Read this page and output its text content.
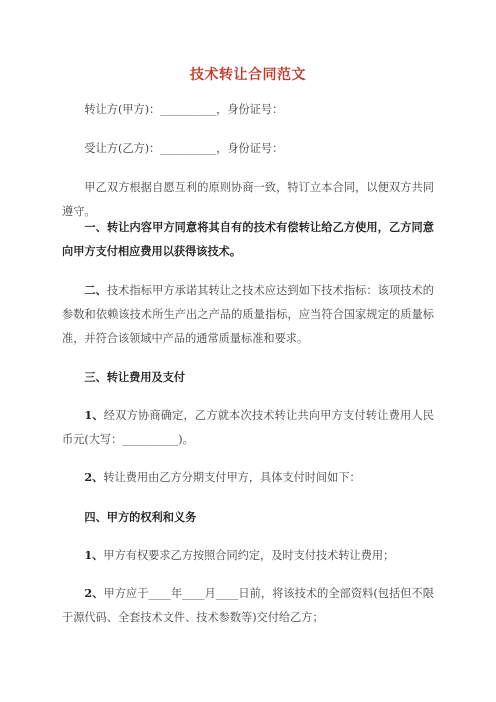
技术转让合同范文
转让方(甲方)：__________，身份证号：
受让方(乙方)：__________，身份证号：
甲乙双方根据自愿互利的原则协商一致，特订立本合同，以便双方共同遵守。
一、转让内容甲方同意将其自有的技术有偿转让给乙方使用，乙方同意向甲方支付相应费用以获得该技术。
二、技术指标甲方承诺其转让之技术应达到如下技术指标：该项技术的参数和依赖该技术所生产出之产品的质量指标，应当符合国家规定的质量标准，并符合该领域中产品的通常质量标准和要求。
三、转让费用及支付
1、经双方协商确定，乙方就本次技术转让共向甲方支付转让费用人民币元(大写：__________)。
2、转让费用由乙方分期支付甲方，具体支付时间如下：
四、甲方的权利和义务
1、甲方有权要求乙方按照合同约定，及时支付技术转让费用；
2、甲方应于____年____月____日前，将该技术的全部资料(包括但不限于源代码、全套技术文件、技术参数等)交付给乙方；
